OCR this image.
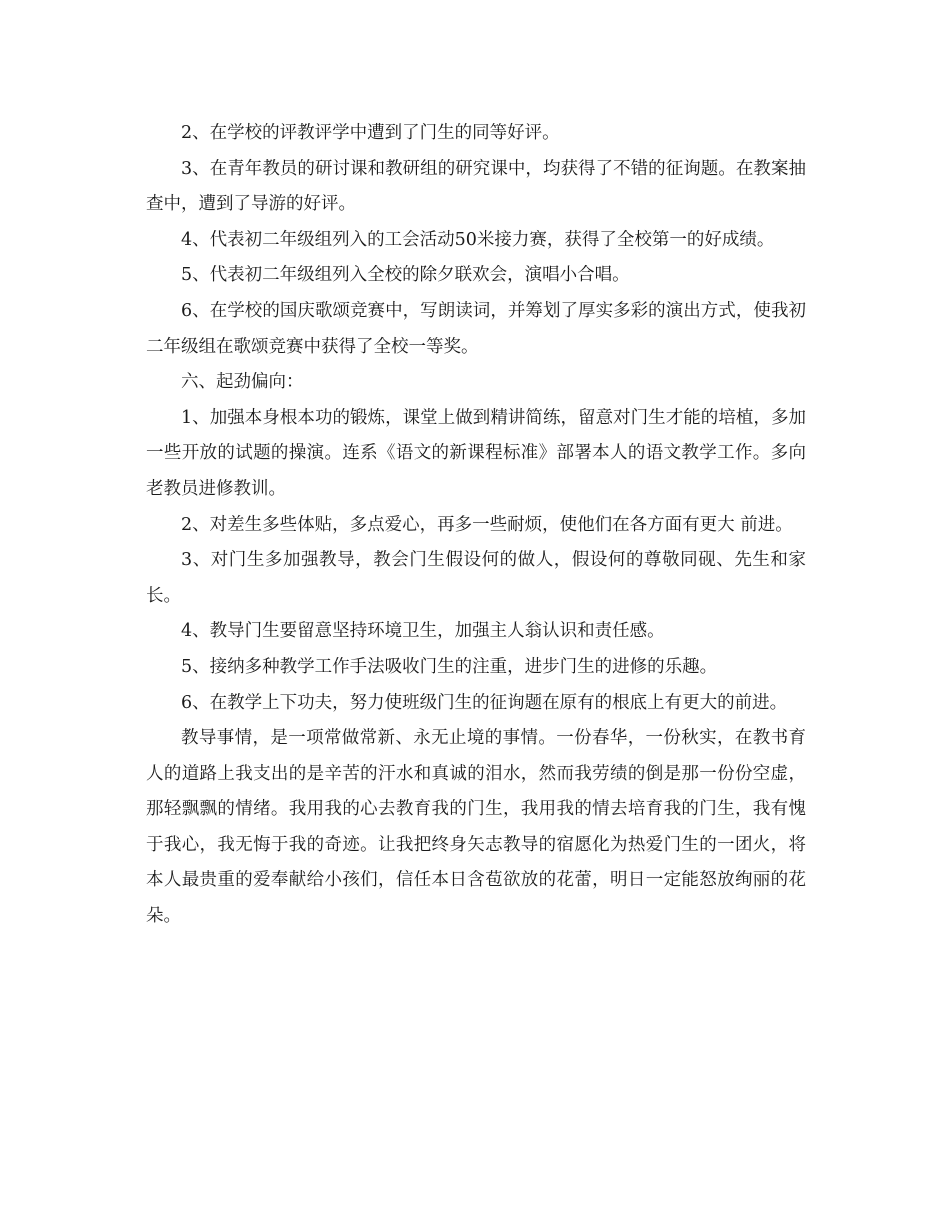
2、在学校的评教评学中遭到了门生的同等好评。

3、在青年教员的研讨课和教研组的研究课中，均获得了不错的征询题。在教案抽查中，遭到了导游的好评。

4、代表初二年级组列入的工会活动50米接力赛，获得了全校第一的好成绩。

5、代表初二年级组列入全校的除夕联欢会，演唱小合唱。

6、在学校的国庆歌颂竞赛中，写朗读词，并筹划了厚实多彩的演出方式，使我初二年级组在歌颂竞赛中获得了全校一等奖。

六、起劲偏向：

1、加强本身根本功的锻炼，课堂上做到精讲简练，留意对门生才能的培植，多加一些开放的试题的操演。连系《语文的新课程标准》部署本人的语文教学工作。多向老教员进修教训。

2、对差生多些体贴，多点爱心，再多一些耐烦，使他们在各方面有更大 前进。

3、对门生多加强教导，教会门生假设何的做人，假设何的尊敬同砚、先生和家长。

4、教导门生要留意坚持环境卫生，加强主人翁认识和责任感。

5、接纳多种教学工作手法吸收门生的注重，进步门生的进修的乐趣。

6、在教学上下功夫，努力使班级门生的征询题在原有的根底上有更大的前进。

教导事情，是一项常做常新、永无止境的事情。一份春华，一份秋实，在教书育人的道路上我支出的是辛苦的汗水和真诚的泪水，然而我劳绩的倒是那一份份空虚，那轻飘飘的情绪。我用我的心去教育我的门生，我用我的情去培育我的门生，我有愧于我心，我无悔于我的奇迹。让我把终身矢志教导的宿愿化为热爱门生的一团火，将本人最贵重的爱奉献给小孩们，信任本日含苞欲放的花蕾，明日一定能怒放绚丽的花朵。
